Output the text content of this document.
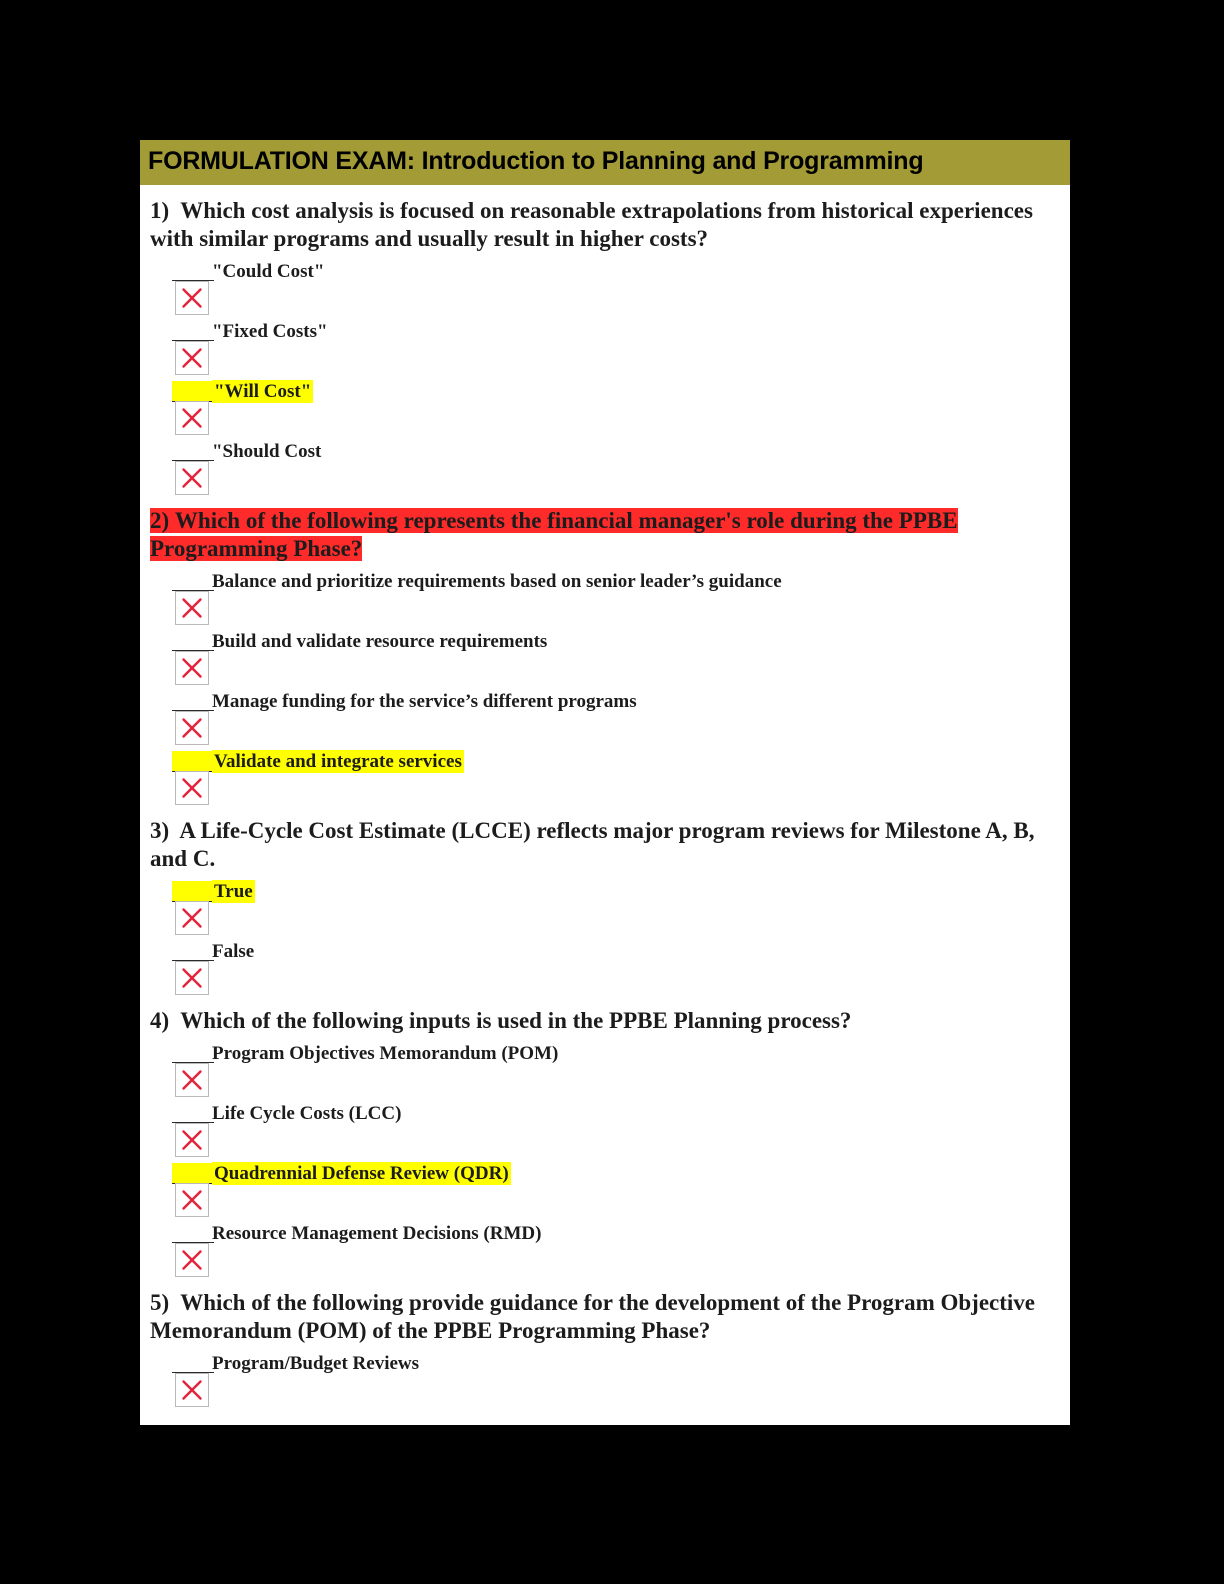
FORMULATION EXAM: Introduction to Planning and Programming
1) Which cost analysis is focused on reasonable extrapolations from historical experiences with similar programs and usually result in higher costs?
"Could Cost"
"Fixed Costs"
"Will Cost"
"Should Cost
2) Which of the following represents the financial manager's role during the PPBE Programming Phase?
Balance and prioritize requirements based on senior leader’s guidance
Build and validate resource requirements
Manage funding for the service’s different programs
Validate and integrate services
3) A Life-Cycle Cost Estimate (LCCE) reflects major program reviews for Milestone A, B, and C.
True
False
4) Which of the following inputs is used in the PPBE Planning process?
Program Objectives Memorandum (POM)
Life Cycle Costs (LCC)
Quadrennial Defense Review (QDR)
Resource Management Decisions (RMD)
5) Which of the following provide guidance for the development of the Program Objective Memorandum (POM) of the PPBE Programming Phase?
Program/Budget Reviews
